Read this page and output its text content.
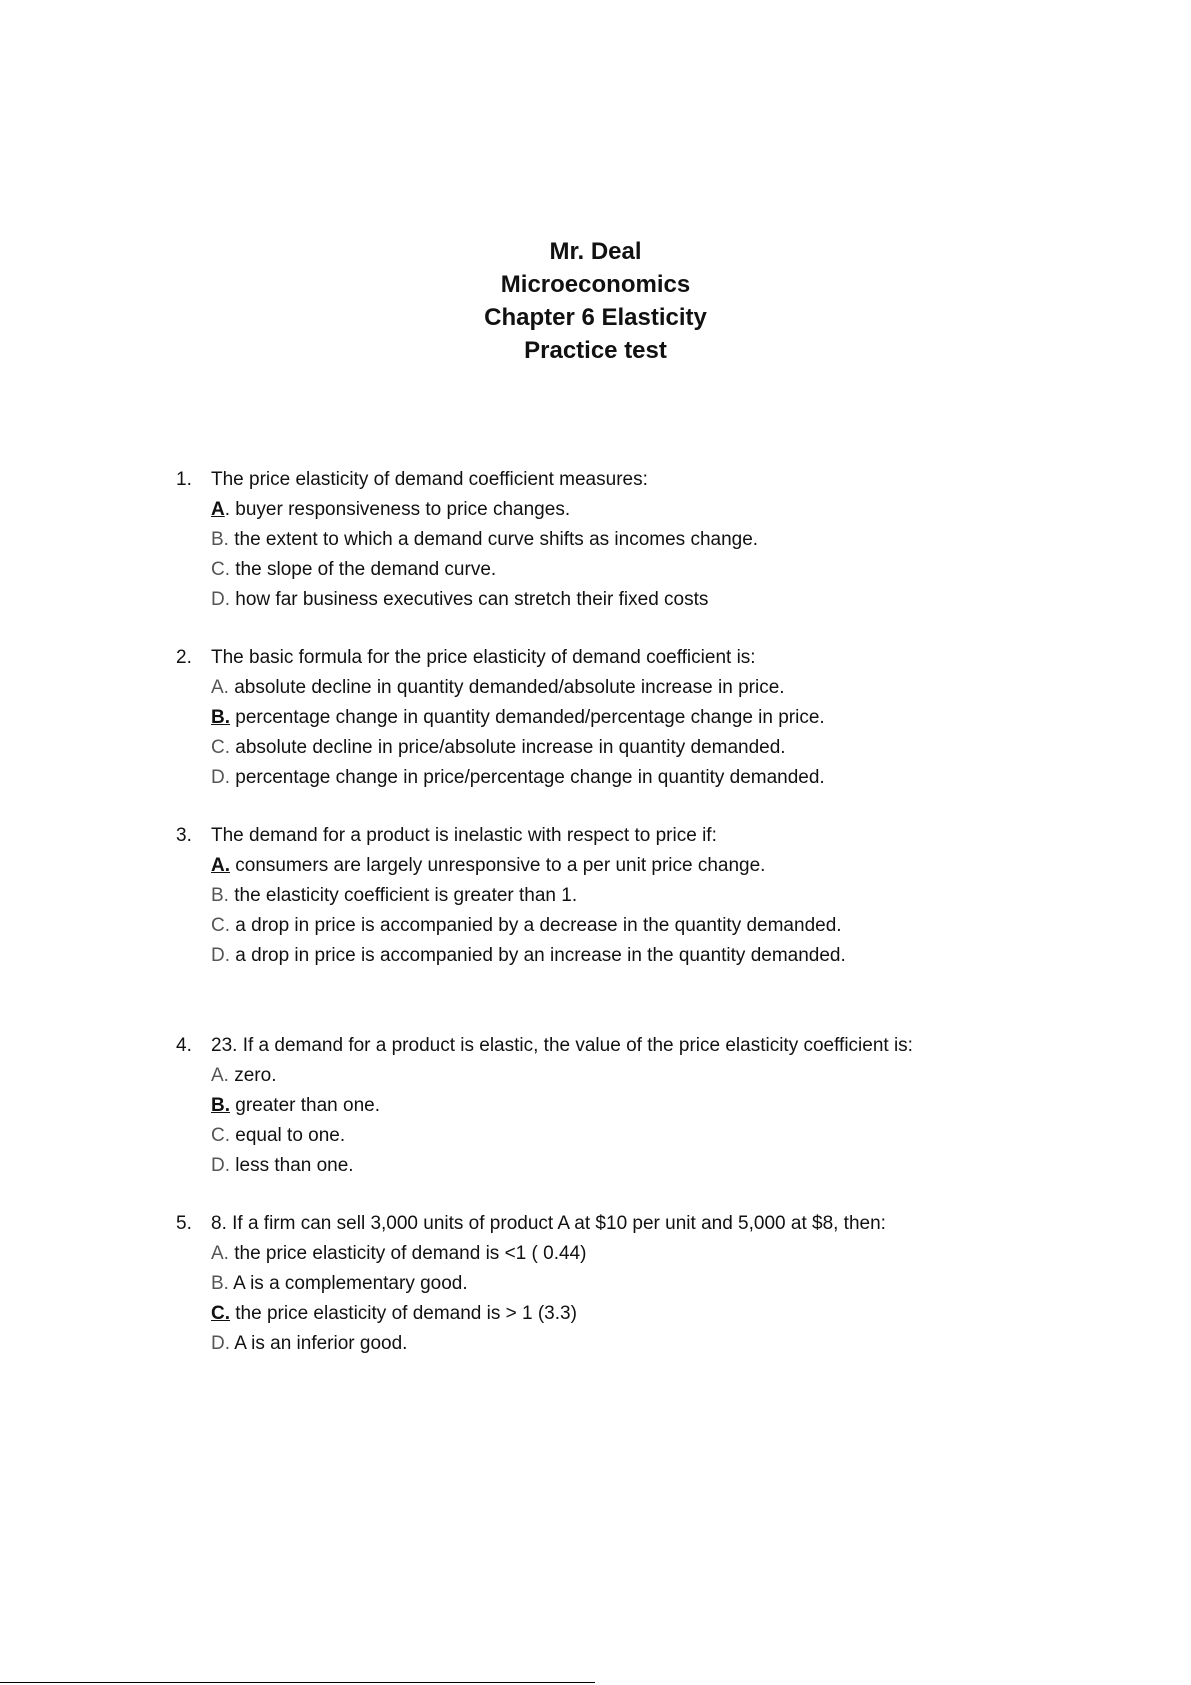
Mr. Deal
Microeconomics
Chapter 6 Elasticity
Practice test
1.	The price elasticity of demand coefficient measures:
A. buyer responsiveness to price changes.
B. the extent to which a demand curve shifts as incomes change.
C. the slope of the demand curve.
D. how far business executives can stretch their fixed costs
2.	The basic formula for the price elasticity of demand coefficient is:
A. absolute decline in quantity demanded/absolute increase in price.
B. percentage change in quantity demanded/percentage change in price.
C. absolute decline in price/absolute increase in quantity demanded.
D. percentage change in price/percentage change in quantity demanded.
3.	The demand for a product is inelastic with respect to price if:
A. consumers are largely unresponsive to a per unit price change.
B. the elasticity coefficient is greater than 1.
C. a drop in price is accompanied by a decrease in the quantity demanded.
D. a drop in price is accompanied by an increase in the quantity demanded.
4.	23. If a demand for a product is elastic, the value of the price elasticity coefficient is:
A. zero.
B. greater than one.
C. equal to one.
D. less than one.
5.	8. If a firm can sell 3,000 units of product A at $10 per unit and 5,000 at $8, then:
A. the price elasticity of demand is <1 ( 0.44)
B. A is a complementary good.
C. the price elasticity of demand is > 1 (3.3)
D. A is an inferior good.
